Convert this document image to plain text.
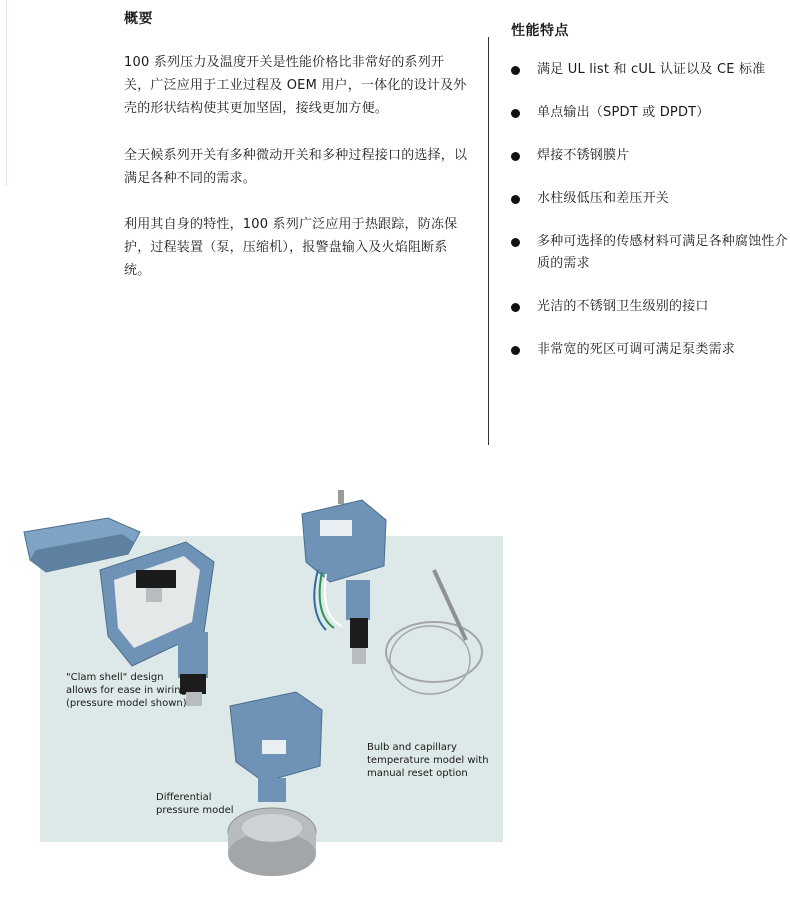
概要

100 系列压力及温度开关是性能价格比非常好的系列开关，广泛应用于工业过程及 OEM 用户，一体化的设计及外壳的形状结构使其更加坚固，接线更加方便。

全天候系列开关有多种微动开关和多种过程接口的选择，以满足各种不同的需求。

利用其自身的特性，100 系列广泛应用于热跟踪，防冻保护，过程装置（泵，压缩机），报警盘输入及火焰阻断系统。

性能特点
满足 UL list 和 cUL 认证以及 CE 标准
单点输出（SPDT 或 DPDT）
焊接不锈钢膜片
水柱级低压和差压开关
多种可选择的传感材料可满足各种腐蚀性介质的需求
光洁的不锈钢卫生级别的接口
非常宽的死区可调可满足泵类需求
"Clam shell" design
allows for ease in wiring
(pressure model shown)
Differential
pressure model
Bulb and capillary
temperature model with
manual reset option
